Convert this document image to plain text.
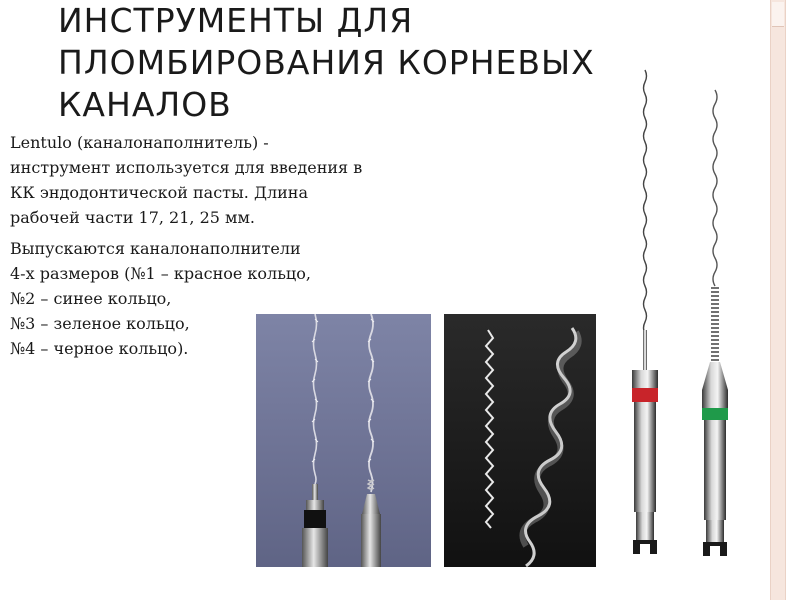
ИНСТРУМЕНТЫ ДЛЯ
ПЛОМБИРОВАНИЯ КОРНЕВЫХ
КАНАЛОВ

Lentulo (каналонаполнитель) -
инструмент используется для введения в
КК эндодонтической пасты. Длина
рабочей части 17, 21, 25 мм.

Выпускаются каналонаполнители
4-х размеров (№1 – красное кольцо,
№2 – синее кольцо,
№3 – зеленое кольцо,
№4 – черное кольцо).
